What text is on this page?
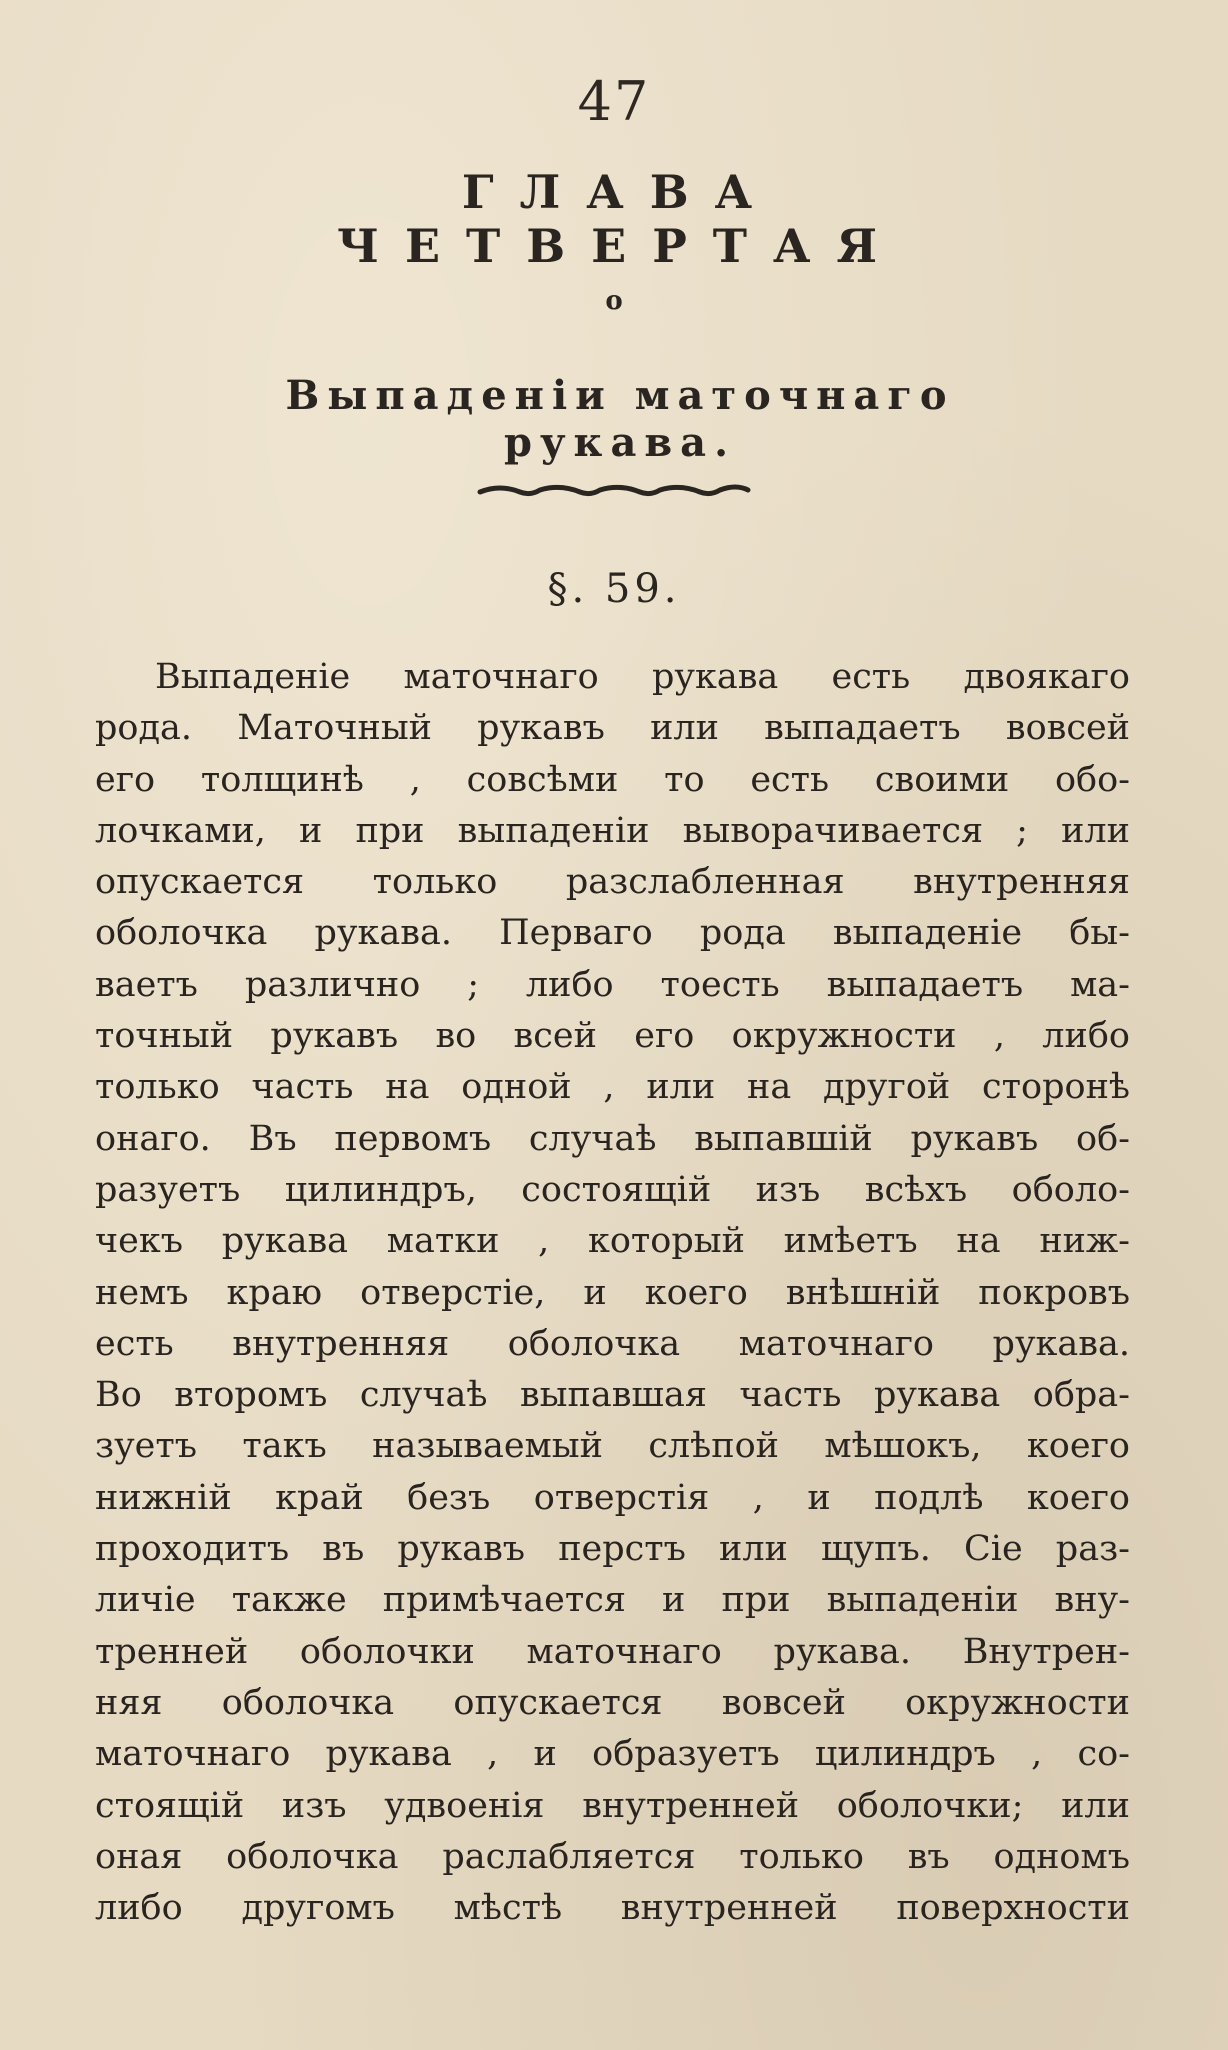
47
ГЛАВА ЧЕТВЕРТАЯ
о
Выпаденіи маточнаго рукава.
§. 59.
Выпаденіе маточнаго рукава есть двоякаго
рода. Маточный рукавъ или выпадаетъ вовсей
его толщинѣ , совсѣми то есть своими обо-
лочками, и при выпаденіи выворачивается ; или
опускается только разслабленная внутренняя
оболочка рукава. Перваго рода выпаденіе бы-
ваетъ различно ; либо тоесть выпадаетъ ма-
точный рукавъ во всей его окружности , либо
только часть на одной , или на другой сторонѣ
онаго. Въ первомъ случаѣ выпавшій рукавъ об-
разуетъ цилиндръ, состоящій изъ всѣхъ оболо-
чекъ рукава матки , который имѣетъ на ниж-
немъ краю отверстіе, и коего внѣшній покровъ
есть внутренняя оболочка маточнаго рукава.
Во второмъ случаѣ выпавшая часть рукава обра-
зуетъ такъ называемый слѣпой мѣшокъ, коего
нижній край безъ отверстія , и подлѣ коего
проходитъ въ рукавъ перстъ или щупъ. Сіе раз-
личіе также примѣчается и при выпаденіи вну-
тренней оболочки маточнаго рукава. Внутрен-
няя оболочка опускается вовсей окружности
маточнаго рукава , и образуетъ цилиндръ , со-
стоящій изъ удвоенія внутренней оболочки; или
оная оболочка раслабляется только въ одномъ
либо другомъ мѣстѣ внутренней поверхности
